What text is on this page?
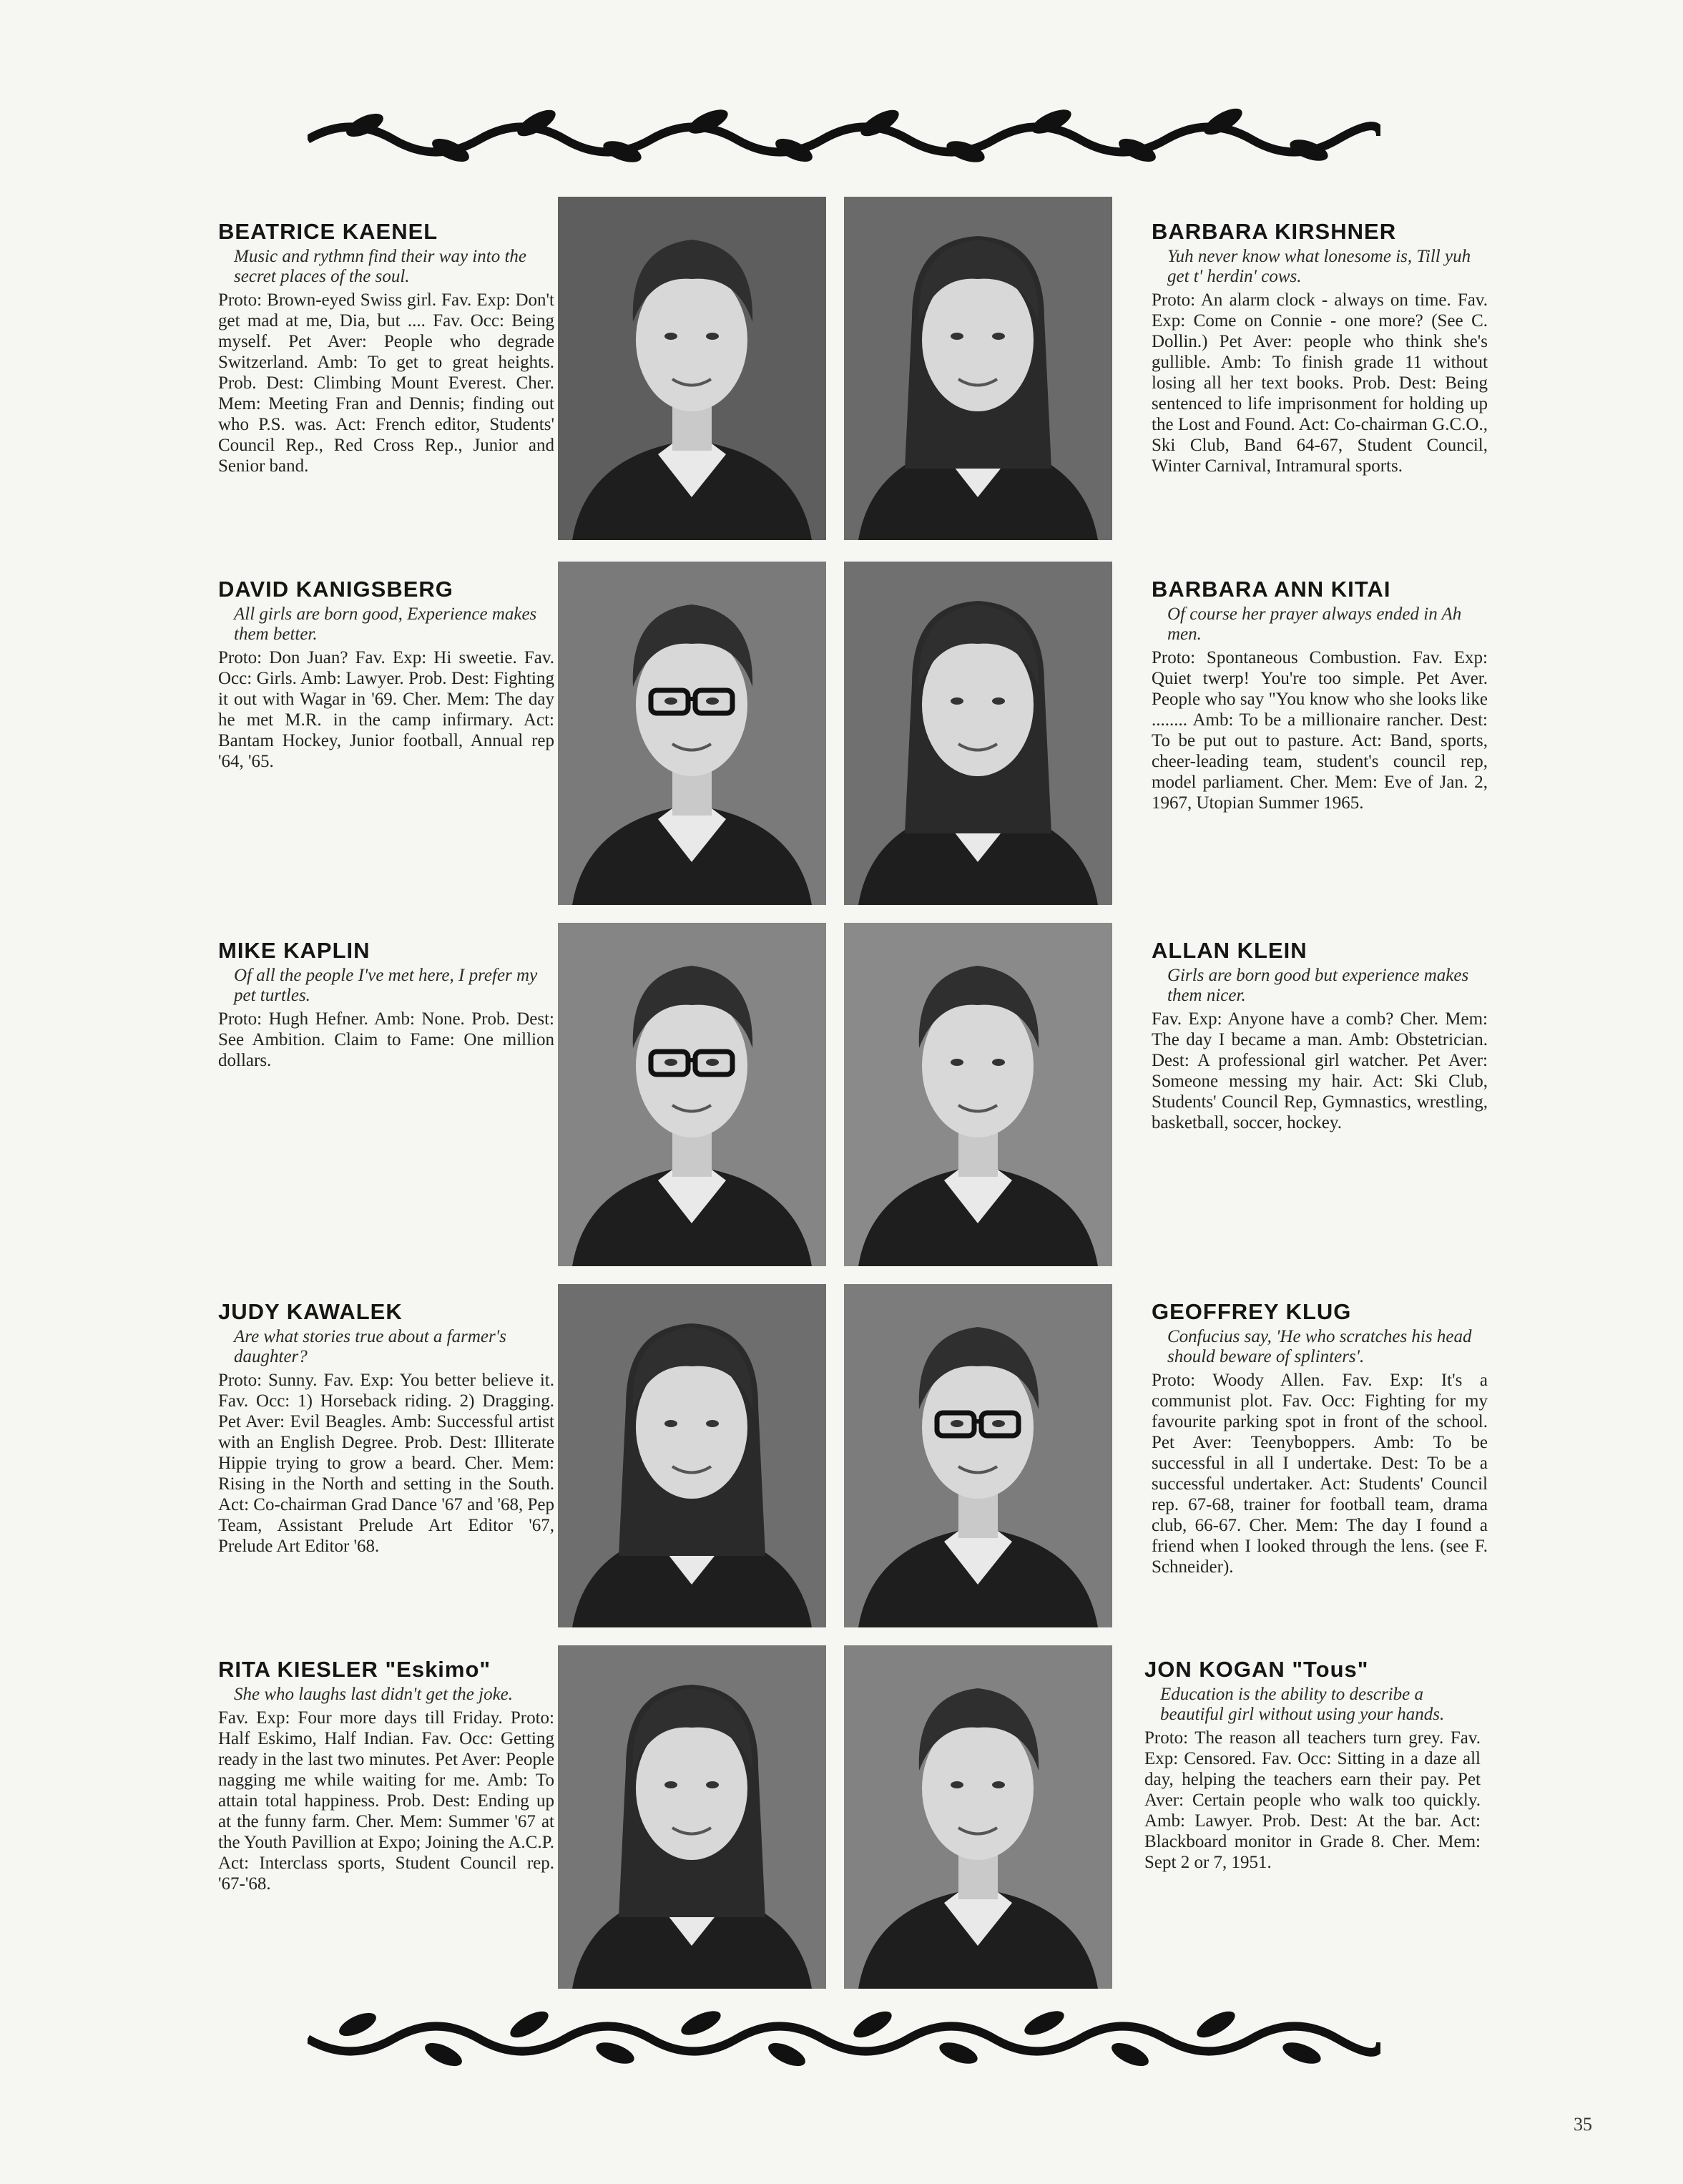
BEATRICE KAENEL

Music and rythmn find their way into the secret places of the soul.

Proto: Brown-eyed Swiss girl. Fav. Exp: Don't get mad at me, Dia, but .... Fav. Occ: Being myself. Pet Aver: People who degrade Switzerland. Amb: To get to great heights. Prob. Dest: Climbing Mount Everest. Cher. Mem: Meeting Fran and Dennis; finding out who P.S. was. Act: French editor, Students' Council Rep., Red Cross Rep., Junior and Senior band.

BARBARA KIRSHNER

Yuh never know what lonesome is, Till yuh get t' herdin' cows.

Proto: An alarm clock - always on time. Fav. Exp: Come on Connie - one more? (See C. Dollin.) Pet Aver: people who think she's gullible. Amb: To finish grade 11 without losing all her text books. Prob. Dest: Being sentenced to life imprisonment for holding up the Lost and Found. Act: Co-chairman G.C.O., Ski Club, Band 64-67, Student Council, Winter Carnival, Intramural sports.

DAVID KANIGSBERG

All girls are born good, Experience makes them better.

Proto: Don Juan? Fav. Exp: Hi sweetie. Fav. Occ: Girls. Amb: Lawyer. Prob. Dest: Fighting it out with Wagar in '69. Cher. Mem: The day he met M.R. in the camp infirmary. Act: Bantam Hockey, Junior football, Annual rep '64, '65.

BARBARA ANN KITAI

Of course her prayer always ended in Ah men.

Proto: Spontaneous Combustion. Fav. Exp: Quiet twerp! You're too simple. Pet Aver. People who say "You know who she looks like ........ Amb: To be a millionaire rancher. Dest: To be put out to pasture. Act: Band, sports, cheer-leading team, student's council rep, model parliament. Cher. Mem: Eve of Jan. 2, 1967, Utopian Summer 1965.

MIKE KAPLIN

Of all the people I've met here, I prefer my pet turtles.

Proto: Hugh Hefner. Amb: None. Prob. Dest: See Ambition. Claim to Fame: One million dollars.

ALLAN KLEIN

Girls are born good but experience makes them nicer.

Fav. Exp: Anyone have a comb? Cher. Mem: The day I became a man. Amb: Obstetrician. Dest: A professional girl watcher. Pet Aver: Someone messing my hair. Act: Ski Club, Students' Council Rep, Gymnastics, wrestling, basketball, soccer, hockey.

JUDY KAWALEK

Are what stories true about a farmer's daughter?

Proto: Sunny. Fav. Exp: You better believe it. Fav. Occ: 1) Horseback riding. 2) Dragging. Pet Aver: Evil Beagles. Amb: Successful artist with an English Degree. Prob. Dest: Illiterate Hippie trying to grow a beard. Cher. Mem: Rising in the North and setting in the South. Act: Co-chairman Grad Dance '67 and '68, Pep Team, Assistant Prelude Art Editor '67, Prelude Art Editor '68.

GEOFFREY KLUG

Confucius say, 'He who scratches his head should beware of splinters'.

Proto: Woody Allen. Fav. Exp: It's a communist plot. Fav. Occ: Fighting for my favourite parking spot in front of the school. Pet Aver: Teenyboppers. Amb: To be successful in all I undertake. Dest: To be a successful undertaker. Act: Students' Council rep. 67-68, trainer for football team, drama club, 66-67. Cher. Mem: The day I found a friend when I looked through the lens. (see F. Schneider).

RITA KIESLER "Eskimo"

She who laughs last didn't get the joke.

Fav. Exp: Four more days till Friday. Proto: Half Eskimo, Half Indian. Fav. Occ: Getting ready in the last two minutes. Pet Aver: People nagging me while waiting for me. Amb: To attain total happiness. Prob. Dest: Ending up at the funny farm. Cher. Mem: Summer '67 at the Youth Pavillion at Expo; Joining the A.C.P. Act: Interclass sports, Student Council rep. '67-'68.

JON KOGAN "Tous"

Education is the ability to describe a beautiful girl without using your hands.

Proto: The reason all teachers turn grey. Fav. Exp: Censored. Fav. Occ: Sitting in a daze all day, helping the teachers earn their pay. Pet Aver: Certain people who walk too quickly. Amb: Lawyer. Prob. Dest: At the bar. Act: Blackboard monitor in Grade 8. Cher. Mem: Sept 2 or 7, 1951.

35
